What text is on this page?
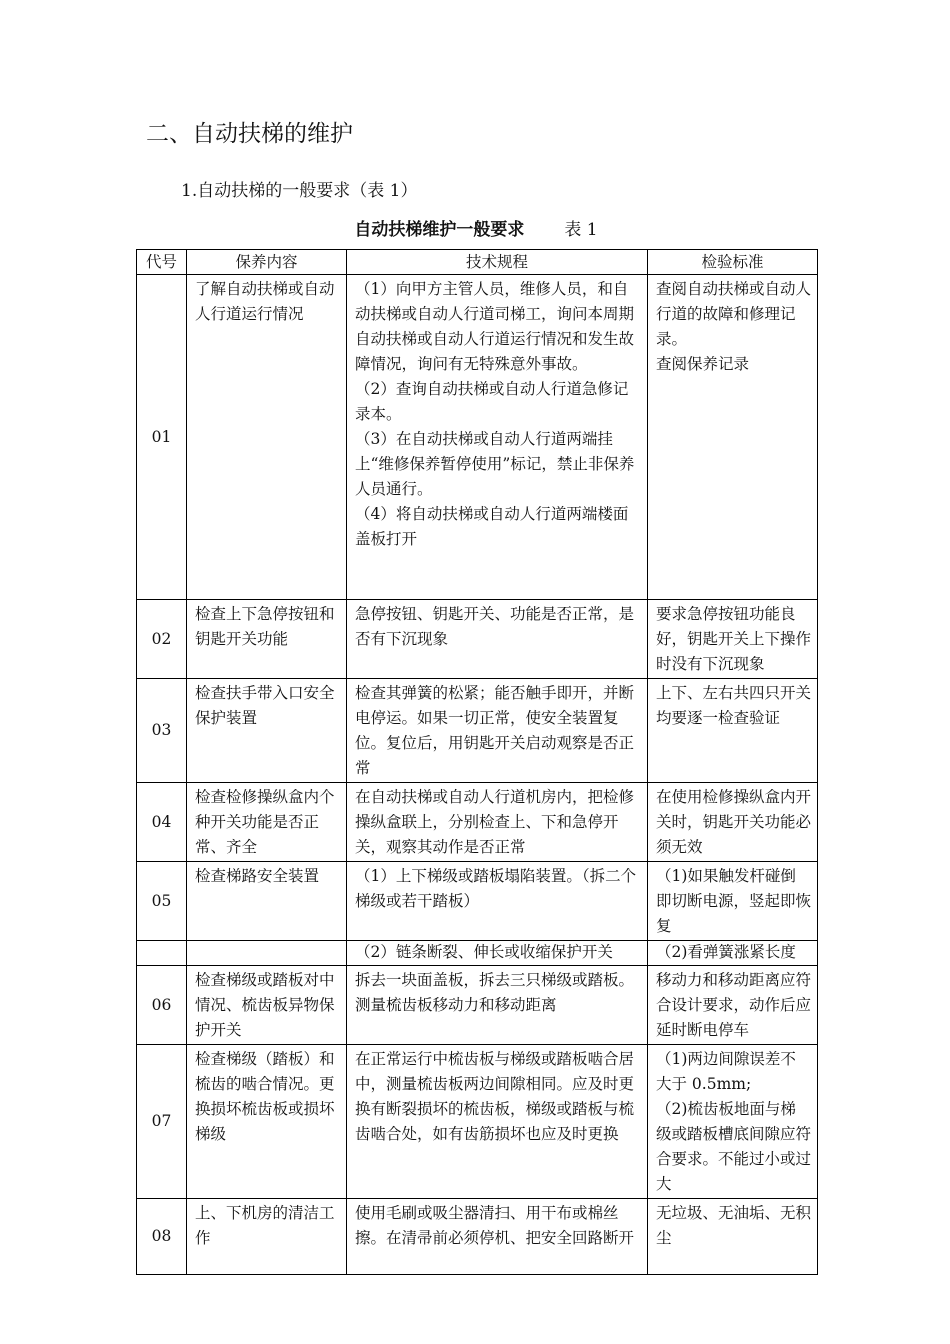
二、自动扶梯的维护
1.自动扶梯的一般要求（表 1）
自动扶梯维护一般要求 表 1
代号	保养内容	技术规程	检验标准
01	了解自动扶梯或自动人行道运行情况	（1）向甲方主管人员，维修人员，和自动扶梯或自动人行道司梯工，询问本周期自动扶梯或自动人行道运行情况和发生故障情况，询问有无特殊意外事故。
（2）查询自动扶梯或自动人行道急修记录本。
（3）在自动扶梯或自动人行道两端挂上“维修保养暂停使用”标记，禁止非保养人员通行。
（4）将自动扶梯或自动人行道两端楼面盖板打开	查阅自动扶梯或自动人行道的故障和修理记录。
查阅保养记录

02	检查上下急停按钮和钥匙开关功能	急停按钮、钥匙开关、功能是否正常，是否有下沉现象	要求急停按钮功能良好，钥匙开关上下操作时没有下沉现象

03	检查扶手带入口安全保护装置	检查其弹簧的松紧；能否触手即开，并断电停运。如果一切正常，使安全装置复位。复位后，用钥匙开关启动观察是否正常	上下、左右共四只开关均要逐一检查验证

04	检查检修操纵盒内个种开关功能是否正常、齐全	在自动扶梯或自动人行道机房内，把检修操纵盒联上，分别检查上、下和急停开关，观察其动作是否正常	在使用检修操纵盒内开关时，钥匙开关功能必须无效

05	检查梯路安全装置	（1）上下梯级或踏板塌陷装置。（拆二个梯级或若干踏板）	（1)如果触发杆碰倒即切断电源，竖起即恢复

		（2）链条断裂、伸长或收缩保护开关	（2)看弹簧涨紧长度

06	检查梯级或踏板对中情况、梳齿板异物保护开关	拆去一块面盖板，拆去三只梯级或踏板。测量梳齿板移动力和移动距离	移动力和移动距离应符合设计要求，动作后应延时断电停车

07	检查梯级（踏板）和梳齿的啮合情况。更换损坏梳齿板或损坏梯级	在正常运行中梳齿板与梯级或踏板啮合居中，测量梳齿板两边间隙相同。应及时更换有断裂损坏的梳齿板，梯级或踏板与梳齿啮合处，如有齿筋损坏也应及时更换	（1)两边间隙误差不大于 0.5mm;
（2)梳齿板地面与梯级或踏板槽底间隙应符合要求。不能过小或过大

08	上、下机房的清洁工作	使用毛刷或吸尘器清扫、用干布或棉丝擦。在清帚前必须停机、把安全回路断开	无垃圾、无油垢、无积尘
